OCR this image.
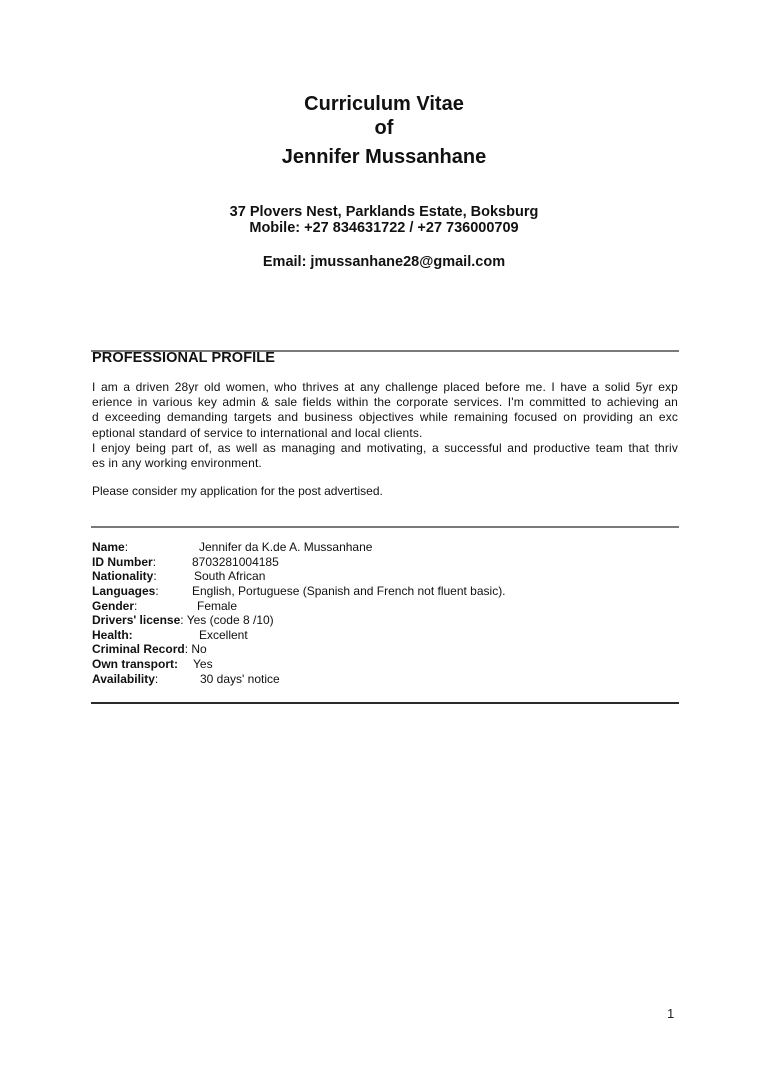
Curriculum Vitae
of
Jennifer Mussanhane
37 Plovers Nest, Parklands Estate, Boksburg
Mobile: +27 834631722 / +27 736000709
Email: jmussanhane28@gmail.com
PROFESSIONAL PROFILE
I am a driven 28yr old women, who thrives at any challenge placed before me. I have a solid 5yr exp
erience in various key admin & sale fields within the corporate services. I'm committed to achieving an
d exceeding demanding targets and business objectives while remaining focused on providing an exc
eptional standard of service to international and local clients.
I enjoy being part of, as well as managing and motivating, a successful and productive team that thriv
es in any working environment.
Please consider my application for the post advertised.
Name:	Jennifer da K.de A. Mussanhane
ID Number:	8703281004185
Nationality:	South African
Languages:	English, Portuguese (Spanish and French not fluent basic).
Gender:	Female
Drivers' license: Yes (code 8 /10)
Health:	Excellent
Criminal Record: No
Own transport: Yes
Availability:	30 days' notice
1
